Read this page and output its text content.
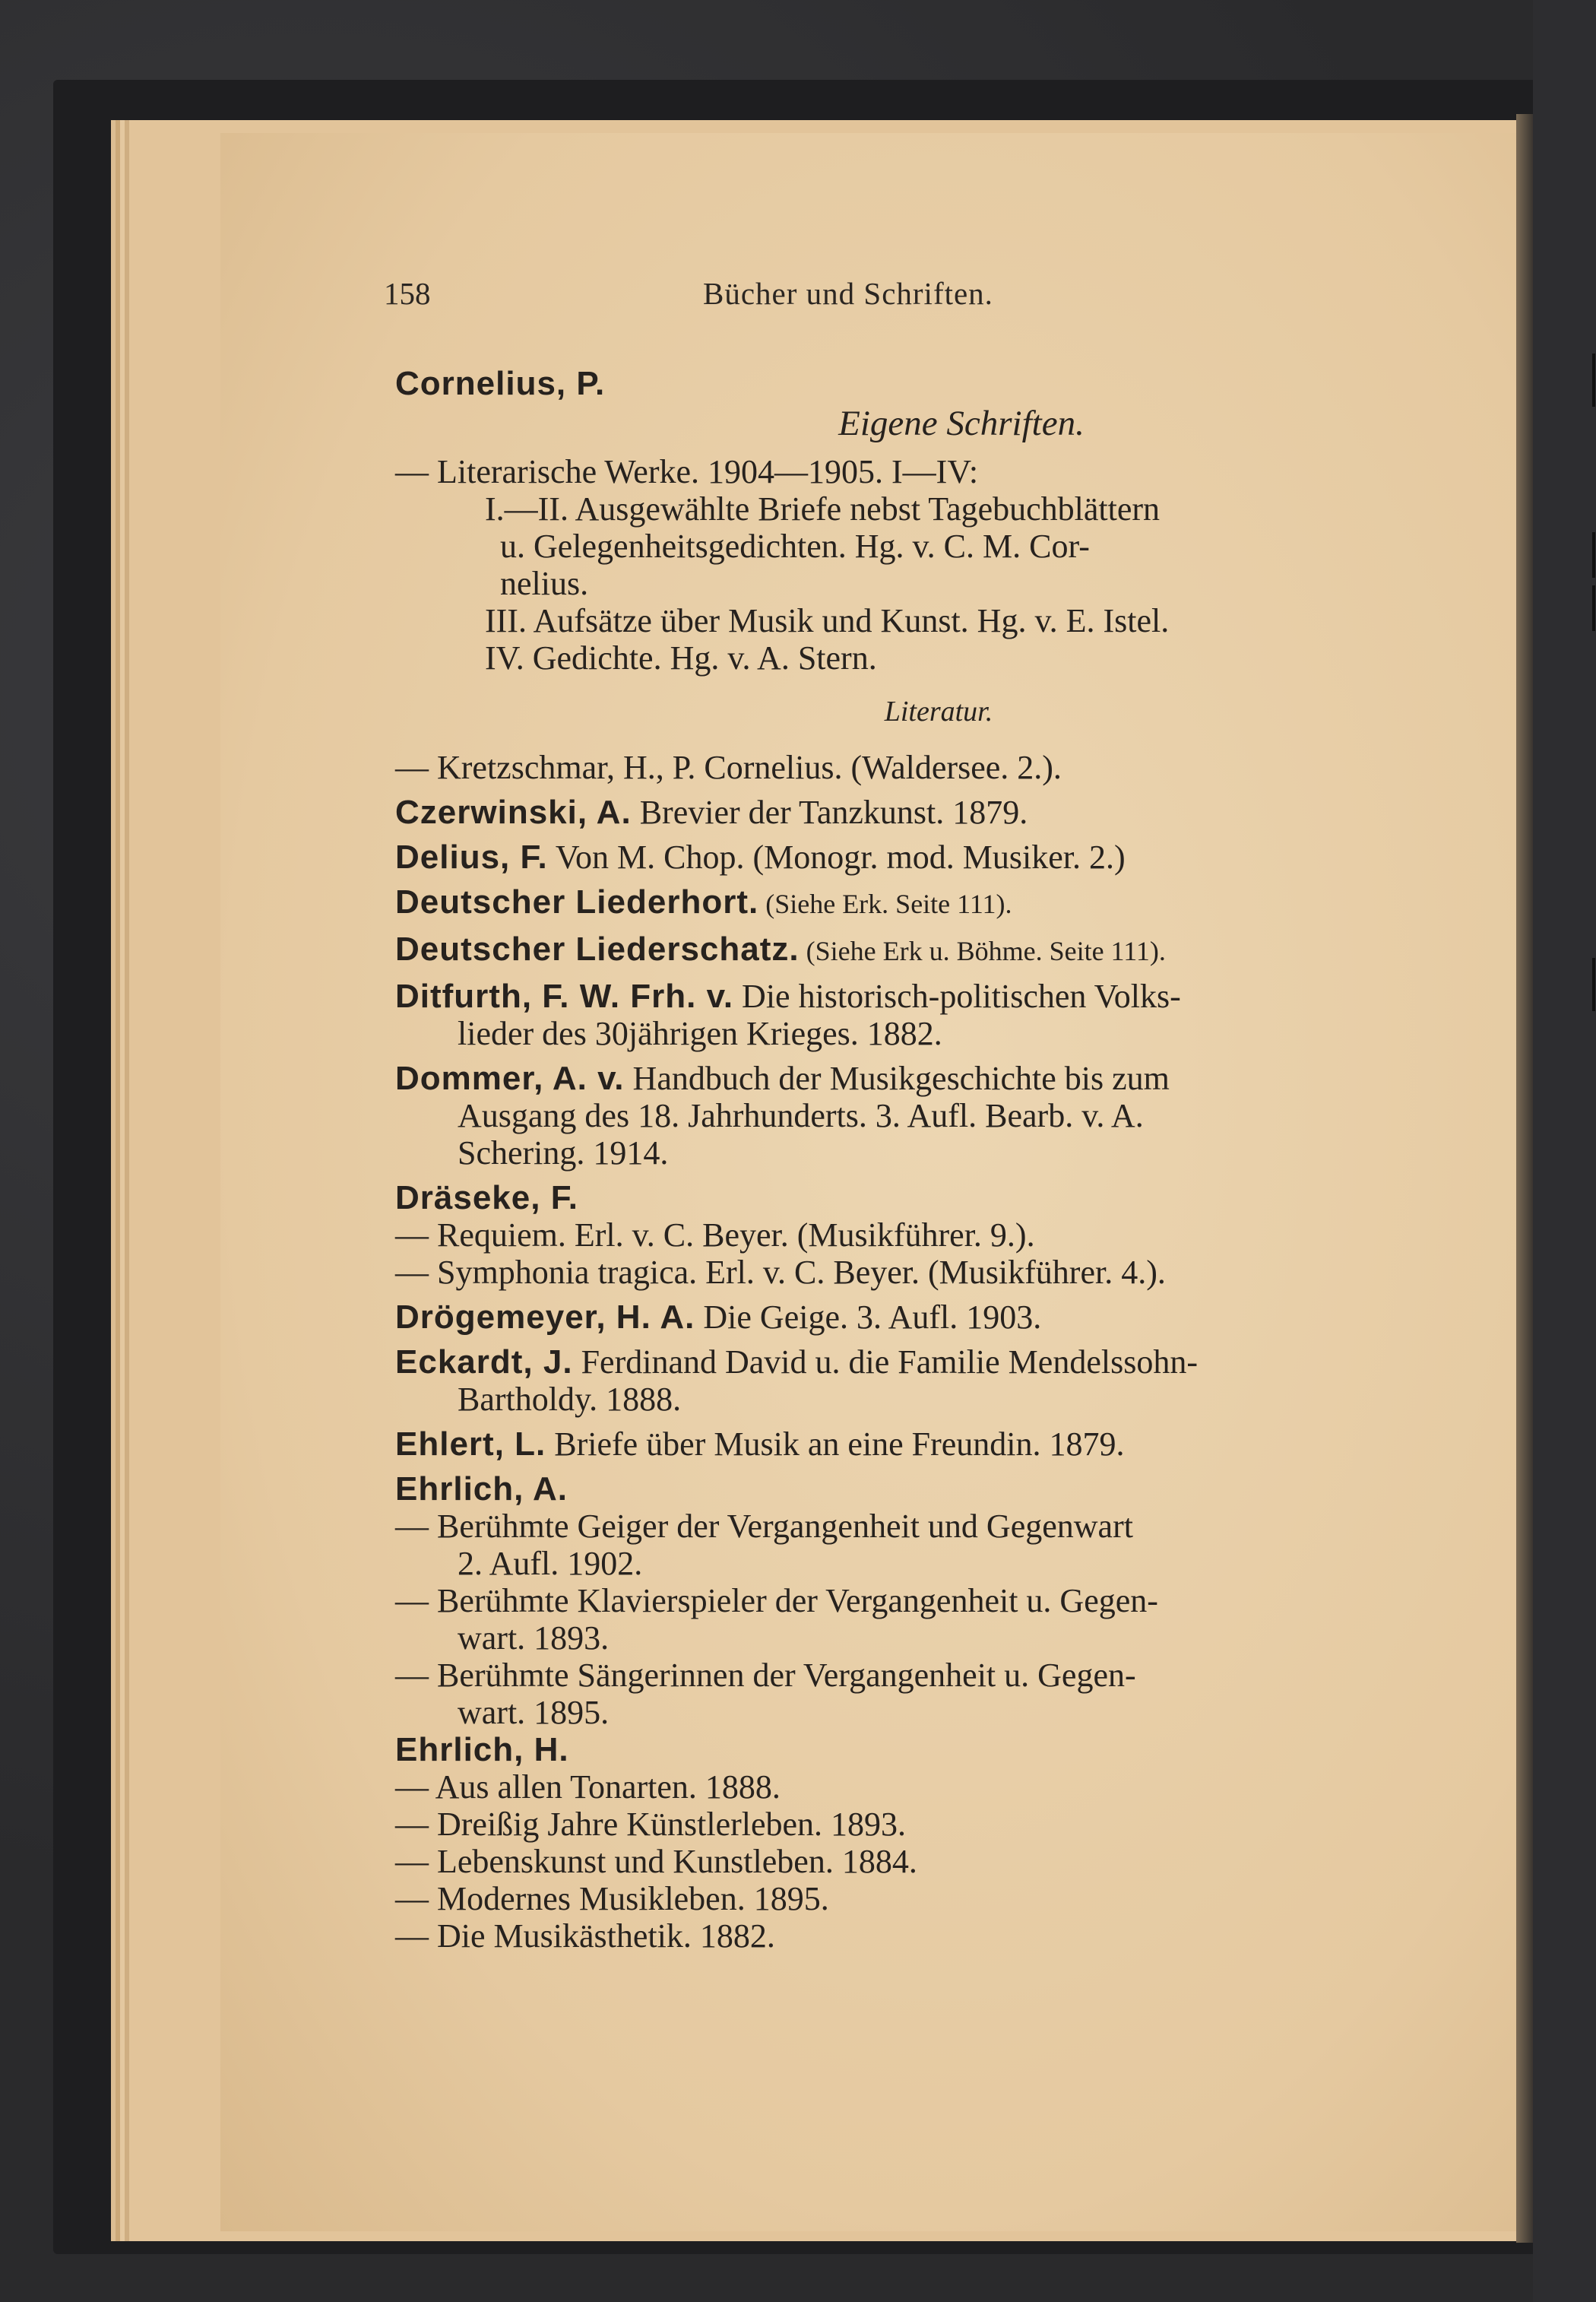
158	Bücher und Schriften.
Cornelius, P.
Eigene Schriften.
— Literarische Werke. 1904—1905. I—IV:
I.—II. Ausgewählte Briefe nebst Tagebuchblättern
u. Gelegenheitsgedichten. Hg. v. C. M. Cor-
nelius.
III. Aufsätze über Musik und Kunst. Hg. v. E. Istel.
IV. Gedichte. Hg. v. A. Stern.
Literatur.
— Kretzschmar, H., P. Cornelius. (Waldersee. 2.).
Czerwinski, A. Brevier der Tanzkunst. 1879.
Delius, F. Von M. Chop. (Monogr. mod. Musiker. 2.)
Deutscher Liederhort. (Siehe Erk. Seite 111).
Deutscher Liederschatz. (Siehe Erk u. Böhme. Seite 111).
Ditfurth, F. W. Frh. v. Die historisch-politischen Volks-
lieder des 30jährigen Krieges. 1882.
Dommer, A. v. Handbuch der Musikgeschichte bis zum
Ausgang des 18. Jahrhunderts. 3. Aufl. Bearb. v. A.
Schering. 1914.
Dräseke, F.
— Requiem. Erl. v. C. Beyer. (Musikführer. 9.).
— Symphonia tragica. Erl. v. C. Beyer. (Musikführer. 4.).
Drögemeyer, H. A. Die Geige. 3. Aufl. 1903.
Eckardt, J. Ferdinand David u. die Familie Mendelssohn-
Bartholdy. 1888.
Ehlert, L. Briefe über Musik an eine Freundin. 1879.
Ehrlich, A.
— Berühmte Geiger der Vergangenheit und Gegenwart
2. Aufl. 1902.
— Berühmte Klavierspieler der Vergangenheit u. Gegen-
wart. 1893.
— Berühmte Sängerinnen der Vergangenheit u. Gegen-
wart. 1895.
Ehrlich, H.
— Aus allen Tonarten. 1888.
— Dreißig Jahre Künstlerleben. 1893.
— Lebenskunst und Kunstleben. 1884.
— Modernes Musikleben. 1895.
— Die Musikästhetik. 1882.
